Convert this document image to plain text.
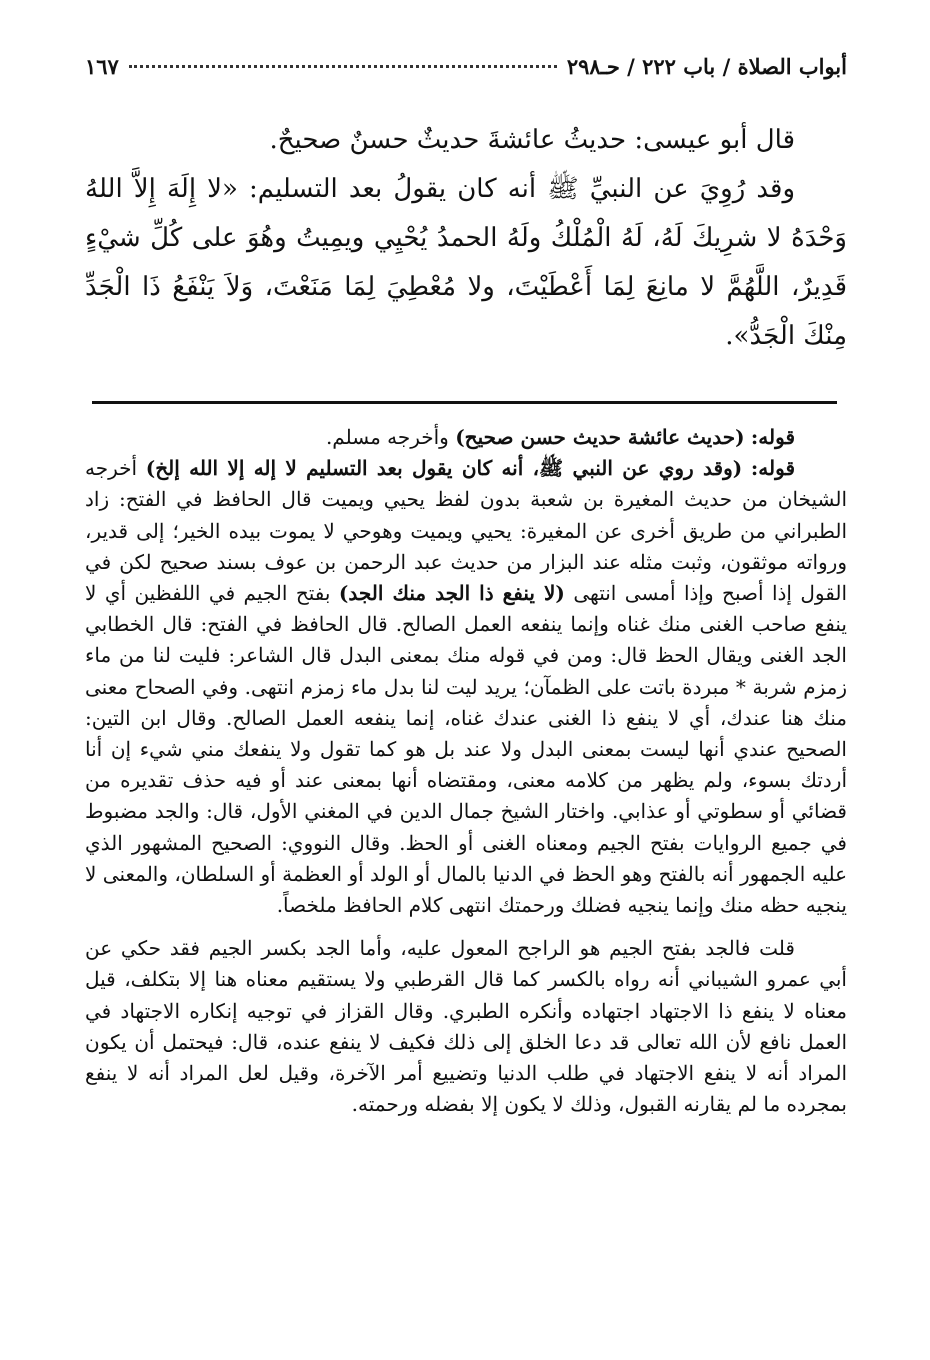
أبواب الصلاة / باب ٢٢٢ / حـ٢٩٨
١٦٧

قال أبو عيسى: حديثُ عائشةَ حديثٌ حسنٌ صحيحٌ.

وقد رُوِيَ عن النبيِّ ﷺ أنه كان يقولُ بعد التسليم: «لا إِلَهَ إِلاَّ اللهُ وَحْدَهُ لا شرِيكَ لَهُ، لَهُ الْمُلْكُ ولَهُ الحمدُ يُحْيِي ويمِيتُ وهُوَ على كُلِّ شيْءٍ قَدِيرٌ، اللَّهُمَّ لا مانِعَ لِمَا أَعْطَيْتَ، ولا مُعْطِيَ لِمَا مَنَعْتَ، وَلاَ يَنْفَعُ ذَا الْجَدِّ مِنْكَ الْجَدُّ».

قوله: (حديث عائشة حديث حسن صحيح) وأخرجه مسلم.

قوله: (وقد روي عن النبي ﷺ، أنه كان يقول بعد التسليم لا إله إلا الله إلخ) أخرجه الشيخان من حديث المغيرة بن شعبة بدون لفظ يحيي ويميت قال الحافظ في الفتح: زاد الطبراني من طريق أخرى عن المغيرة: يحيي ويميت وهوحي لا يموت بيده الخير؛ إلى قدير، ورواته موثقون، وثبت مثله عند البزار من حديث عبد الرحمن بن عوف بسند صحيح لكن في القول إذا أصبح وإذا أمسى انتهى (لا ينفع ذا الجد منك الجد) بفتح الجيم في اللفظين أي لا ينفع صاحب الغنى منك غناه وإنما ينفعه العمل الصالح. قال الحافظ في الفتح: قال الخطابي الجد الغنى ويقال الحظ قال: ومن في قوله منك بمعنى البدل قال الشاعر: فليت لنا من ماء زمزم شربة * مبردة باتت على الظمآن؛ يريد ليت لنا بدل ماء زمزم انتهى. وفي الصحاح معنى منك هنا عندك، أي لا ينفع ذا الغنى عندك غناه، إنما ينفعه العمل الصالح. وقال ابن التين: الصحيح عندي أنها ليست بمعنى البدل ولا عند بل هو كما تقول ولا ينفعك مني شيء إن أنا أردتك بسوء، ولم يظهر من كلامه معنى، ومقتضاه أنها بمعنى عند أو فيه حذف تقديره من قضائي أو سطوتي أو عذابي. واختار الشيخ جمال الدين في المغني الأول، قال: والجد مضبوط في جميع الروايات بفتح الجيم ومعناه الغنى أو الحظ. وقال النووي: الصحيح المشهور الذي عليه الجمهور أنه بالفتح وهو الحظ في الدنيا بالمال أو الولد أو العظمة أو السلطان، والمعنى لا ينجيه حظه منك وإنما ينجيه فضلك ورحمتك انتهى كلام الحافظ ملخصاً.

قلت فالجد بفتح الجيم هو الراجح المعول عليه، وأما الجد بكسر الجيم فقد حكي عن أبي عمرو الشيباني أنه رواه بالكسر كما قال القرطبي ولا يستقيم معناه هنا إلا بتكلف، قيل معناه لا ينفع ذا الاجتهاد اجتهاده وأنكره الطبري. وقال القزاز في توجيه إنكاره الاجتهاد في العمل نافع لأن الله تعالى قد دعا الخلق إلى ذلك فكيف لا ينفع عنده، قال: فيحتمل أن يكون المراد أنه لا ينفع الاجتهاد في طلب الدنيا وتضييع أمر الآخرة، وقيل لعل المراد أنه لا ينفع بمجرده ما لم يقارنه القبول، وذلك لا يكون إلا بفضله ورحمته.
